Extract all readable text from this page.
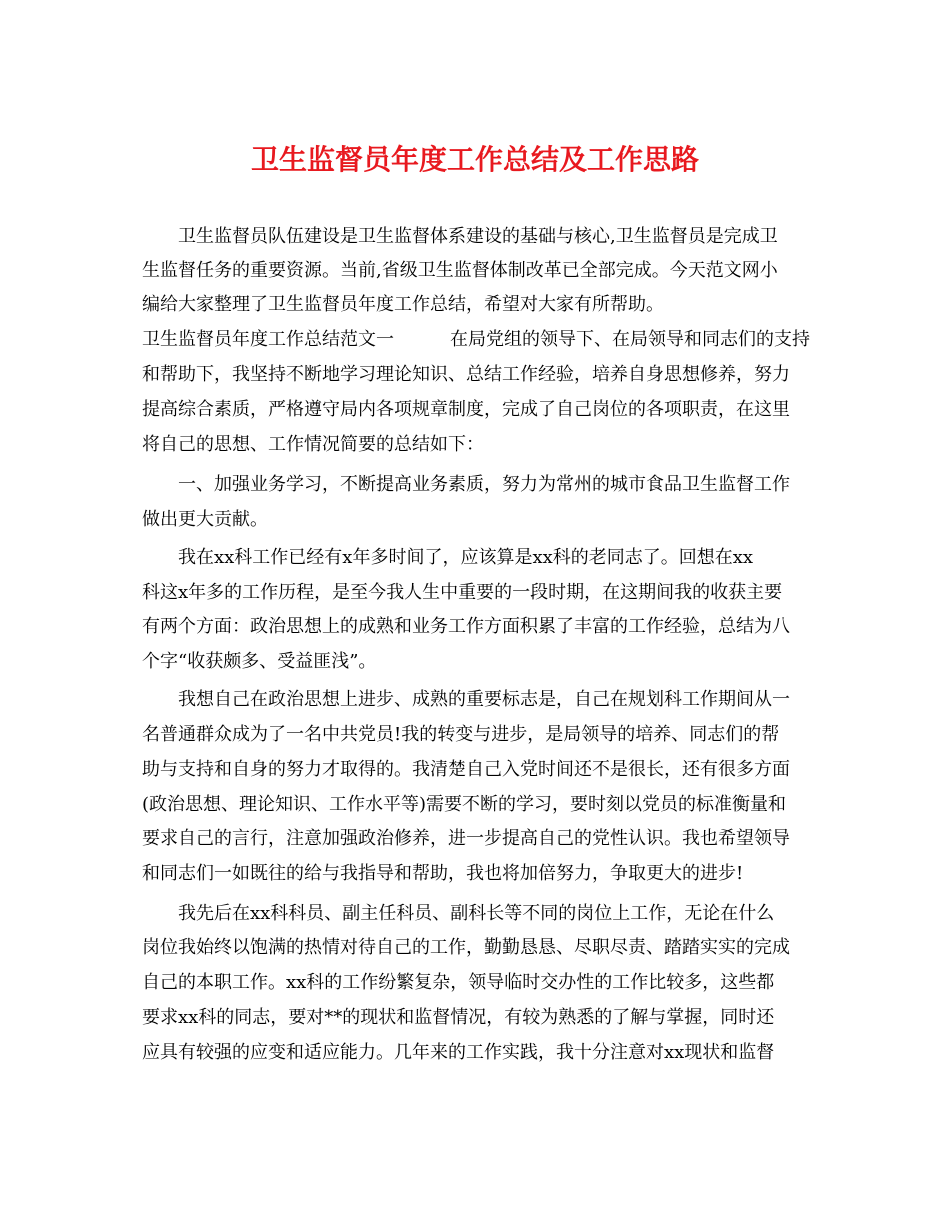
卫生监督员年度工作总结及工作思路
卫生监督员队伍建设是卫生监督体系建设的基础与核心,卫生监督员是完成卫
生监督任务的重要资源。当前,省级卫生监督体制改革已全部完成。今天范文网小
编给大家整理了卫生监督员年度工作总结，希望对大家有所帮助。
卫生监督员年度工作总结范文一	在局党组的领导下、在局领导和同志们的支持
和帮助下，我坚持不断地学习理论知识、总结工作经验，培养自身思想修养，努力
提高综合素质，严格遵守局内各项规章制度，完成了自己岗位的各项职责，在这里
将自己的思想、工作情况简要的总结如下：
一、加强业务学习，不断提高业务素质，努力为常州的城市食品卫生监督工作
做出更大贡献。
我在xx科工作已经有x年多时间了，应该算是xx科的老同志了。回想在xx
科这x年多的工作历程，是至今我人生中重要的一段时期，在这期间我的收获主要
有两个方面：政治思想上的成熟和业务工作方面积累了丰富的工作经验，总结为八
个字“收获颇多、受益匪浅”。
我想自己在政治思想上进步、成熟的重要标志是，自己在规划科工作期间从一
名普通群众成为了一名中共党员!我的转变与进步，是局领导的培养、同志们的帮
助与支持和自身的努力才取得的。我清楚自己入党时间还不是很长，还有很多方面
(政治思想、理论知识、工作水平等)需要不断的学习，要时刻以党员的标准衡量和
要求自己的言行，注意加强政治修养，进一步提高自己的党性认识。我也希望领导
和同志们一如既往的给与我指导和帮助，我也将加倍努力，争取更大的进步!
我先后在xx科科员、副主任科员、副科长等不同的岗位上工作，无论在什么
岗位我始终以饱满的热情对待自己的工作，勤勤恳恳、尽职尽责、踏踏实实的完成
自己的本职工作。xx科的工作纷繁复杂，领导临时交办性的工作比较多，这些都
要求xx科的同志，要对**的现状和监督情况，有较为熟悉的了解与掌握，同时还
应具有较强的应变和适应能力。几年来的工作实践，我十分注意对xx现状和监督
